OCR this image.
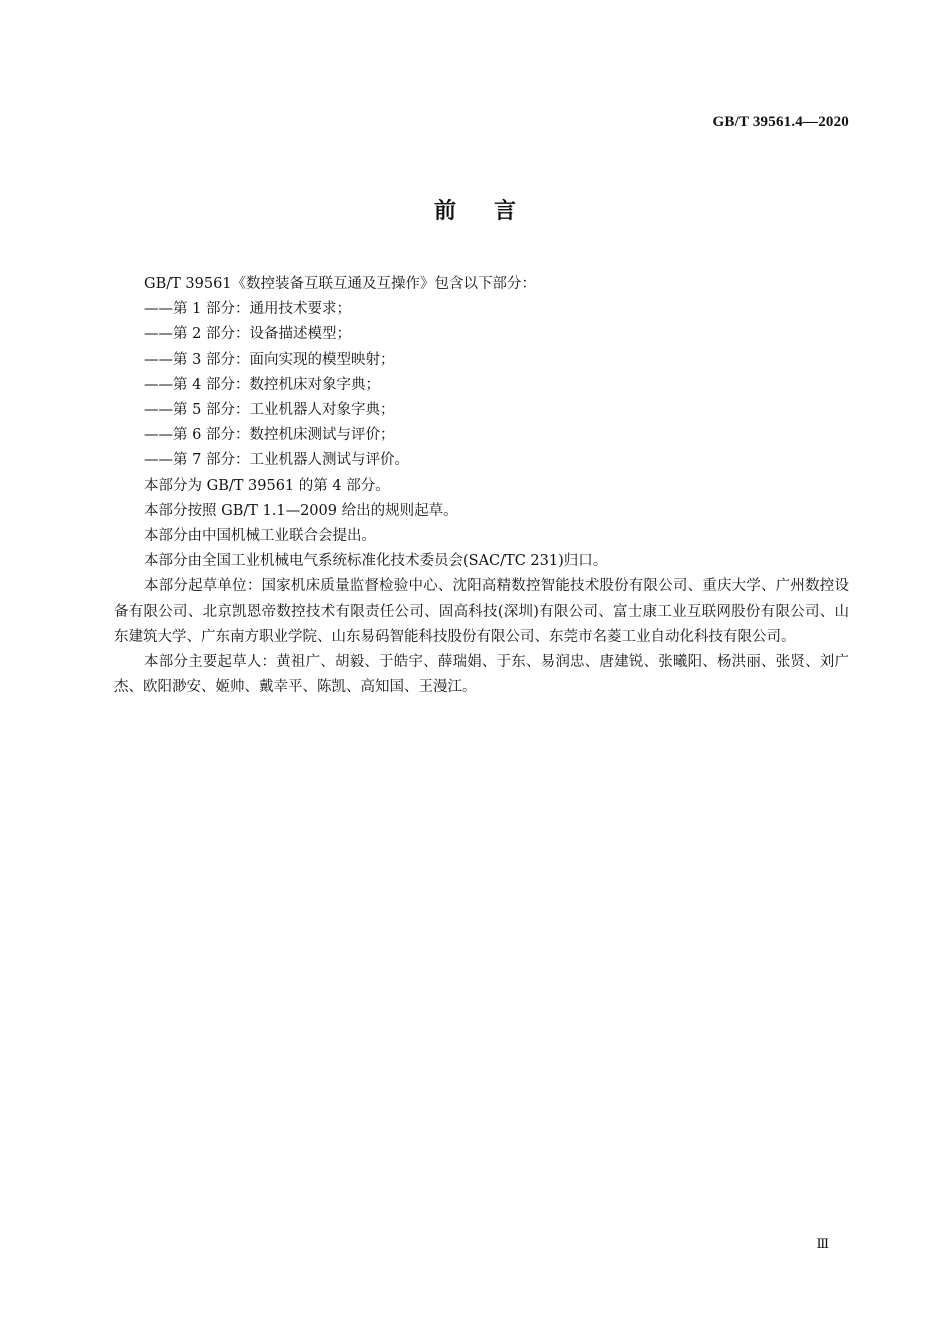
GB/T 39561.4—2020
前言

GB/T 39561《数控装备互联互通及互操作》包含以下部分：

——第 1 部分：通用技术要求；

——第 2 部分：设备描述模型；

——第 3 部分：面向实现的模型映射；

——第 4 部分：数控机床对象字典；

——第 5 部分：工业机器人对象字典；

——第 6 部分：数控机床测试与评价；

——第 7 部分：工业机器人测试与评价。

本部分为 GB/T 39561 的第 4 部分。

本部分按照 GB/T 1.1—2009 给出的规则起草。

本部分由中国机械工业联合会提出。

本部分由全国工业机械电气系统标准化技术委员会(SAC/TC 231)归口。

本部分起草单位：国家机床质量监督检验中心、沈阳高精数控智能技术股份有限公司、重庆大学、广州数控设备有限公司、北京凯恩帝数控技术有限责任公司、固高科技(深圳)有限公司、富士康工业互联网股份有限公司、山东建筑大学、广东南方职业学院、山东易码智能科技股份有限公司、东莞市名菱工业自动化科技有限公司。

本部分主要起草人：黄祖广、胡毅、于皓宇、薛瑞娟、于东、易润忠、唐建锐、张曦阳、杨洪丽、张贤、刘广杰、欧阳渺安、姬帅、戴幸平、陈凯、高知国、王漫江。

Ⅲ
